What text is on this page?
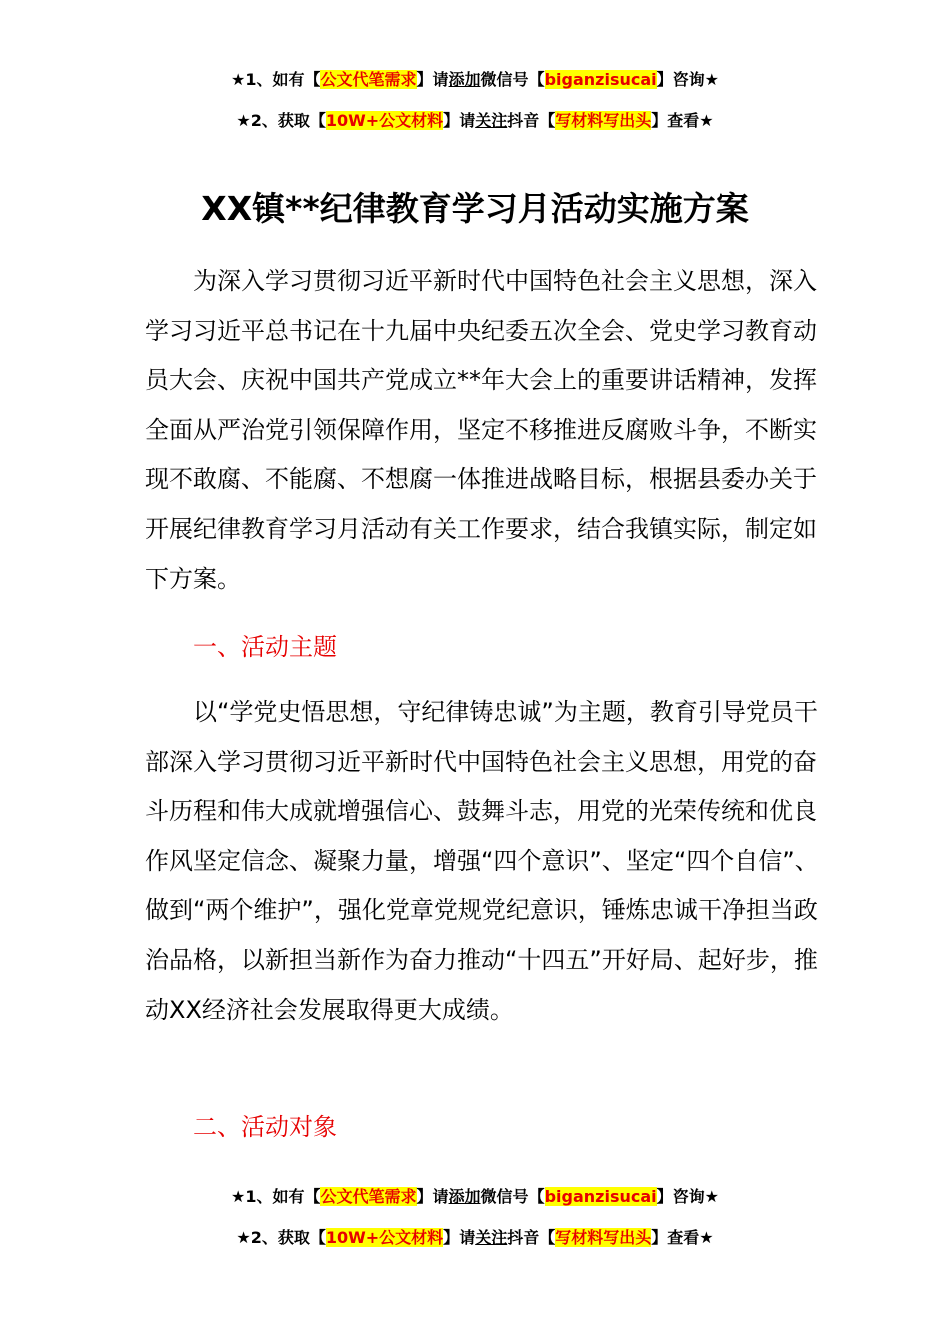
★1、如有【公文代笔需求】请添加微信号【biganzisucai】咨询★
★2、获取【10W+公文材料】请关注抖音【写材料写出头】查看★
XX镇**纪律教育学习月活动实施方案

为深入学习贯彻习近平新时代中国特色社会主义思想，深入学习习近平总书记在十九届中央纪委五次全会、党史学习教育动员大会、庆祝中国共产党成立**年大会上的重要讲话精神，发挥全面从严治党引领保障作用，坚定不移推进反腐败斗争，不断实现不敢腐、不能腐、不想腐一体推进战略目标，根据县委办关于开展纪律教育学习月活动有关工作要求，结合我镇实际，制定如下方案。

一、活动主题

以“学党史悟思想，守纪律铸忠诚”为主题，教育引导党员干部深入学习贯彻习近平新时代中国特色社会主义思想，用党的奋斗历程和伟大成就增强信心、鼓舞斗志，用党的光荣传统和优良作风坚定信念、凝聚力量，增强“四个意识”、坚定“四个自信”、做到“两个维护”，强化党章党规党纪意识，锤炼忠诚干净担当政治品格，以新担当新作为奋力推动“十四五”开好局、起好步，推动XX经济社会发展取得更大成绩。

二、活动对象
★1、如有【公文代笔需求】请添加微信号【biganzisucai】咨询★
★2、获取【10W+公文材料】请关注抖音【写材料写出头】查看★
